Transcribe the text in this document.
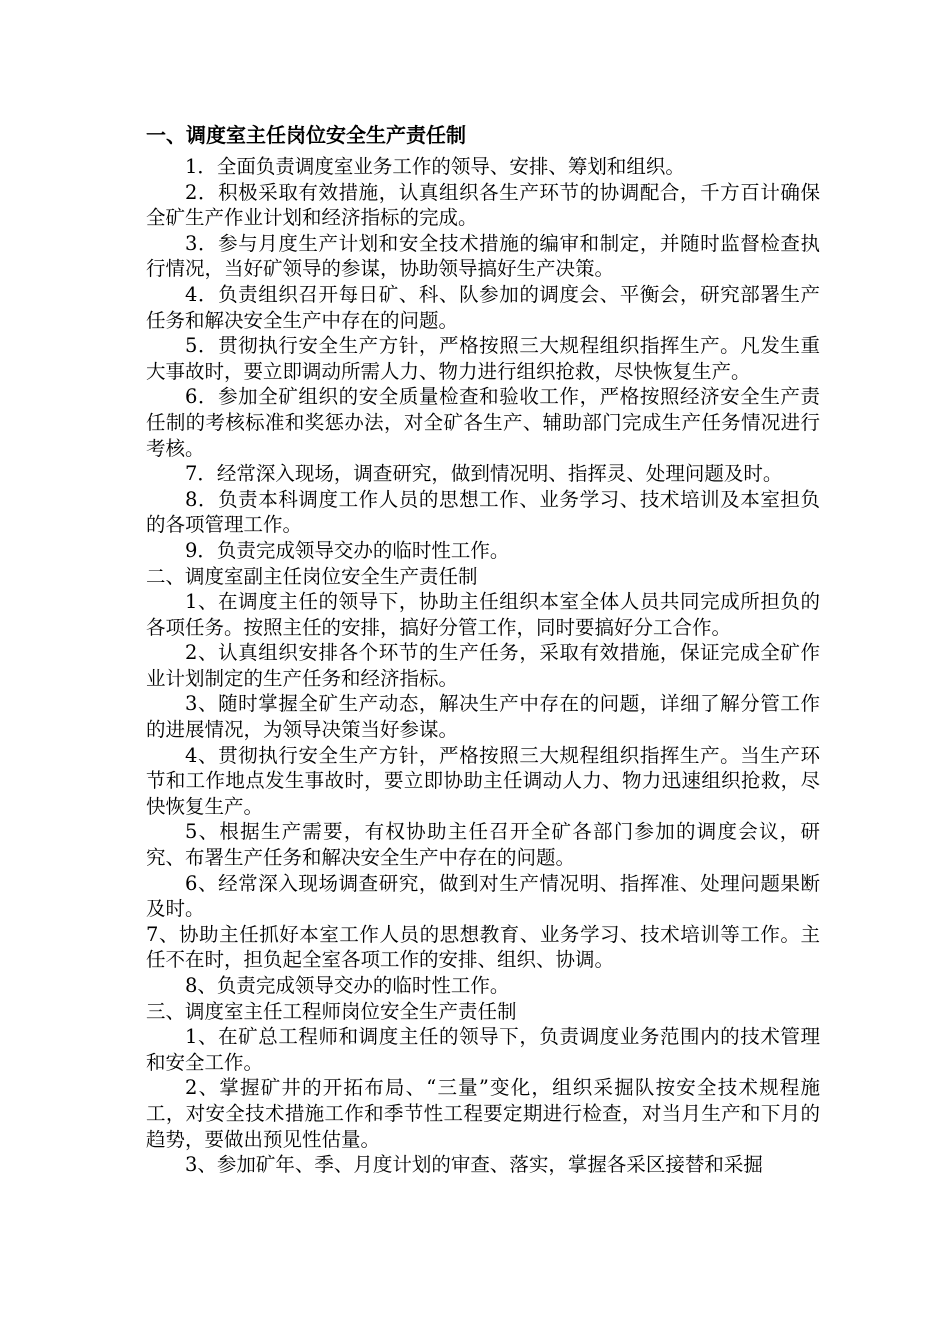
一、调度室主任岗位安全生产责任制

1．全面负责调度室业务工作的领导、安排、筹划和组织。

2．积极采取有效措施，认真组织各生产环节的协调配合，千方百计确保全矿生产作业计划和经济指标的完成。

3．参与月度生产计划和安全技术措施的编审和制定，并随时监督检查执行情况，当好矿领导的参谋，协助领导搞好生产决策。

4．负责组织召开每日矿、科、队参加的调度会、平衡会，研究部署生产任务和解决安全生产中存在的问题。

5．贯彻执行安全生产方针，严格按照三大规程组织指挥生产。凡发生重大事故时，要立即调动所需人力、物力进行组织抢救，尽快恢复生产。

6．参加全矿组织的安全质量检查和验收工作，严格按照经济安全生产责任制的考核标准和奖惩办法，对全矿各生产、辅助部门完成生产任务情况进行考核。

7．经常深入现场，调查研究，做到情况明、指挥灵、处理问题及时。

8．负责本科调度工作人员的思想工作、业务学习、技术培训及本室担负的各项管理工作。

9．负责完成领导交办的临时性工作。

二、调度室副主任岗位安全生产责任制

1、在调度主任的领导下，协助主任组织本室全体人员共同完成所担负的各项任务。按照主任的安排，搞好分管工作，同时要搞好分工合作。

2、认真组织安排各个环节的生产任务，采取有效措施，保证完成全矿作业计划制定的生产任务和经济指标。

3、随时掌握全矿生产动态，解决生产中存在的问题，详细了解分管工作的进展情况，为领导决策当好参谋。

4、贯彻执行安全生产方针，严格按照三大规程组织指挥生产。当生产环节和工作地点发生事故时，要立即协助主任调动人力、物力迅速组织抢救，尽快恢复生产。

5、根据生产需要，有权协助主任召开全矿各部门参加的调度会议，研究、布署生产任务和解决安全生产中存在的问题。

6、经常深入现场调查研究，做到对生产情况明、指挥准、处理问题果断及时。

7、协助主任抓好本室工作人员的思想教育、业务学习、技术培训等工作。主任不在时，担负起全室各项工作的安排、组织、协调。

8、负责完成领导交办的临时性工作。

三、调度室主任工程师岗位安全生产责任制

1、在矿总工程师和调度主任的领导下，负责调度业务范围内的技术管理和安全工作。

2、掌握矿井的开拓布局、“三量”变化，组织采掘队按安全技术规程施工，对安全技术措施工作和季节性工程要定期进行检查，对当月生产和下月的趋势，要做出预见性估量。

3、参加矿年、季、月度计划的审查、落实，掌握各采区接替和采掘
